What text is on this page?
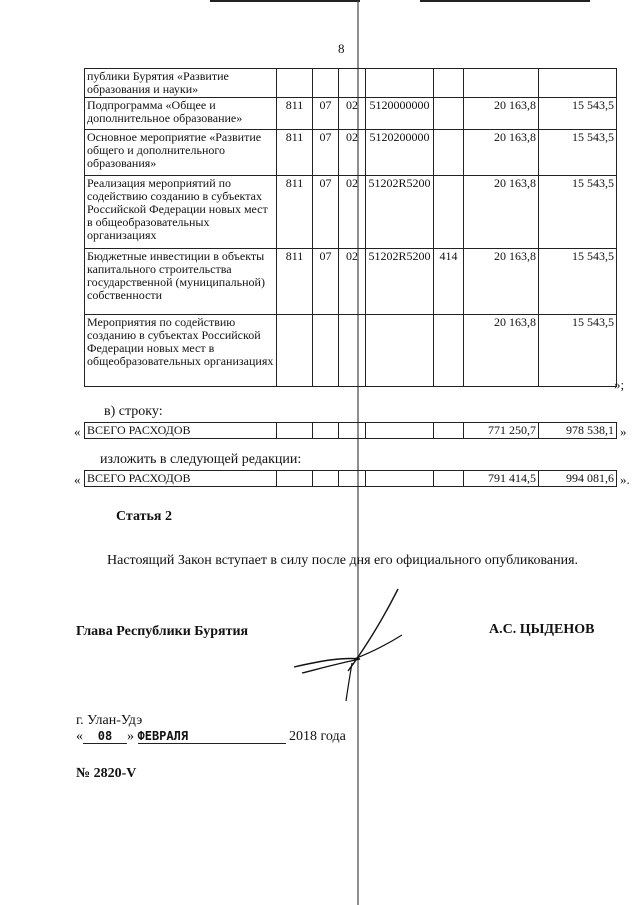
8
публики Бурятия «Развитие образования и науки»							
Подпрограмма «Общее и дополнительное образование»	811	07	02	5120000000		20 163,8	15 543,5
Основное мероприятие «Развитие общего и дополнительного образования»	811	07	02	5120200000		20 163,8	15 543,5
Реализация мероприятий по содействию созданию в субъектах Российской Федерации новых мест в общеобразовательных организациях	811	07	02	51202R5200		20 163,8	15 543,5
Бюджетные инвестиции в объекты капитального строительства государственной (муниципальной) собственности	811	07	02	51202R5200	414	20 163,8	15 543,5
Мероприятия по содействию созданию в субъектах Российской Федерации новых мест в общеобразовательных организациях						20 163,8	15 543,5
»;
в) строку:
« ВСЕГО РАСХОДОВ						771 250,7	978 538,1 »
изложить в следующей редакции:
« ВСЕГО РАСХОДОВ						791 414,5	994 081,6 ».
Статья 2
Настоящий Закон вступает в силу после дня его официального опубликования.
Глава Республики Бурятия	А.С. ЦЫДЕНОВ
г. Улан-Удэ
« 08 » ФЕВРАЛЯ	2018 года
№ 2820-V
